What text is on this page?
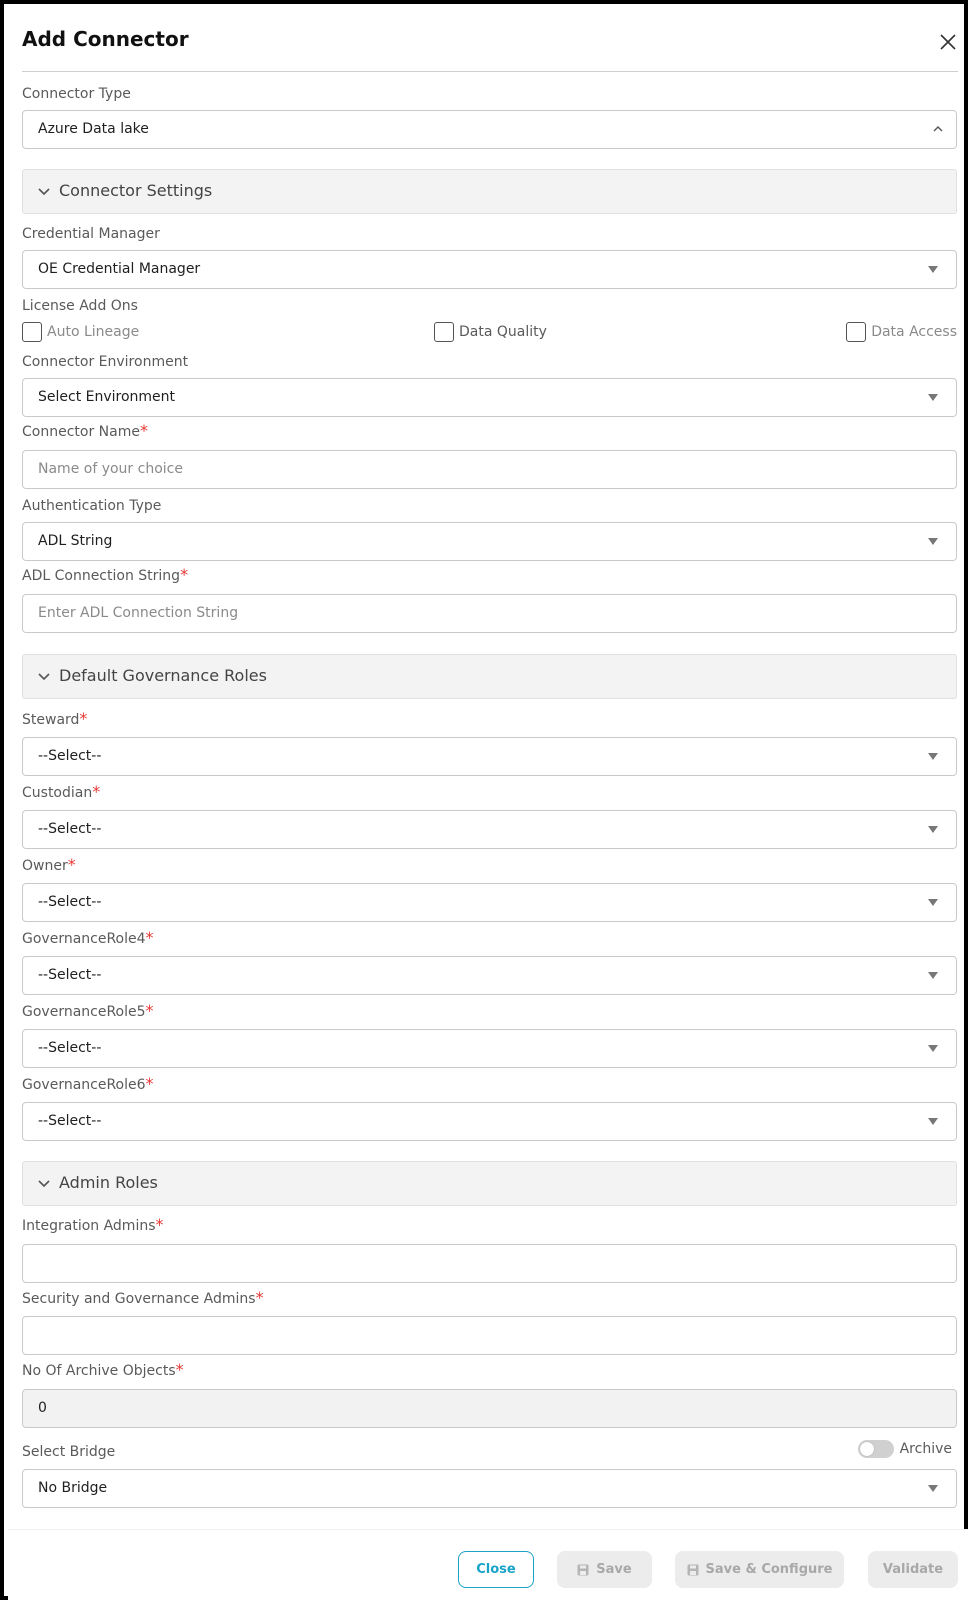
Add Connector
Connector Type
Azure Data lake
Connector Settings
Credential Manager
OE Credential Manager
License Add Ons
Auto Lineage	Data Quality	Data Access
Connector Environment
Select Environment
Connector Name*
Name of your choice
Authentication Type
ADL String
ADL Connection String*
Enter ADL Connection String
Default Governance Roles
Steward*
--Select--
Custodian*
--Select--
Owner*
--Select--
GovernanceRole4*
--Select--
GovernanceRole5*
--Select--
GovernanceRole6*
--Select--
Admin Roles
Integration Admins*
Security and Governance Admins*
No Of Archive Objects*
0
Select Bridge	Archive
No Bridge
Close	Save	Save & Configure	Validate
